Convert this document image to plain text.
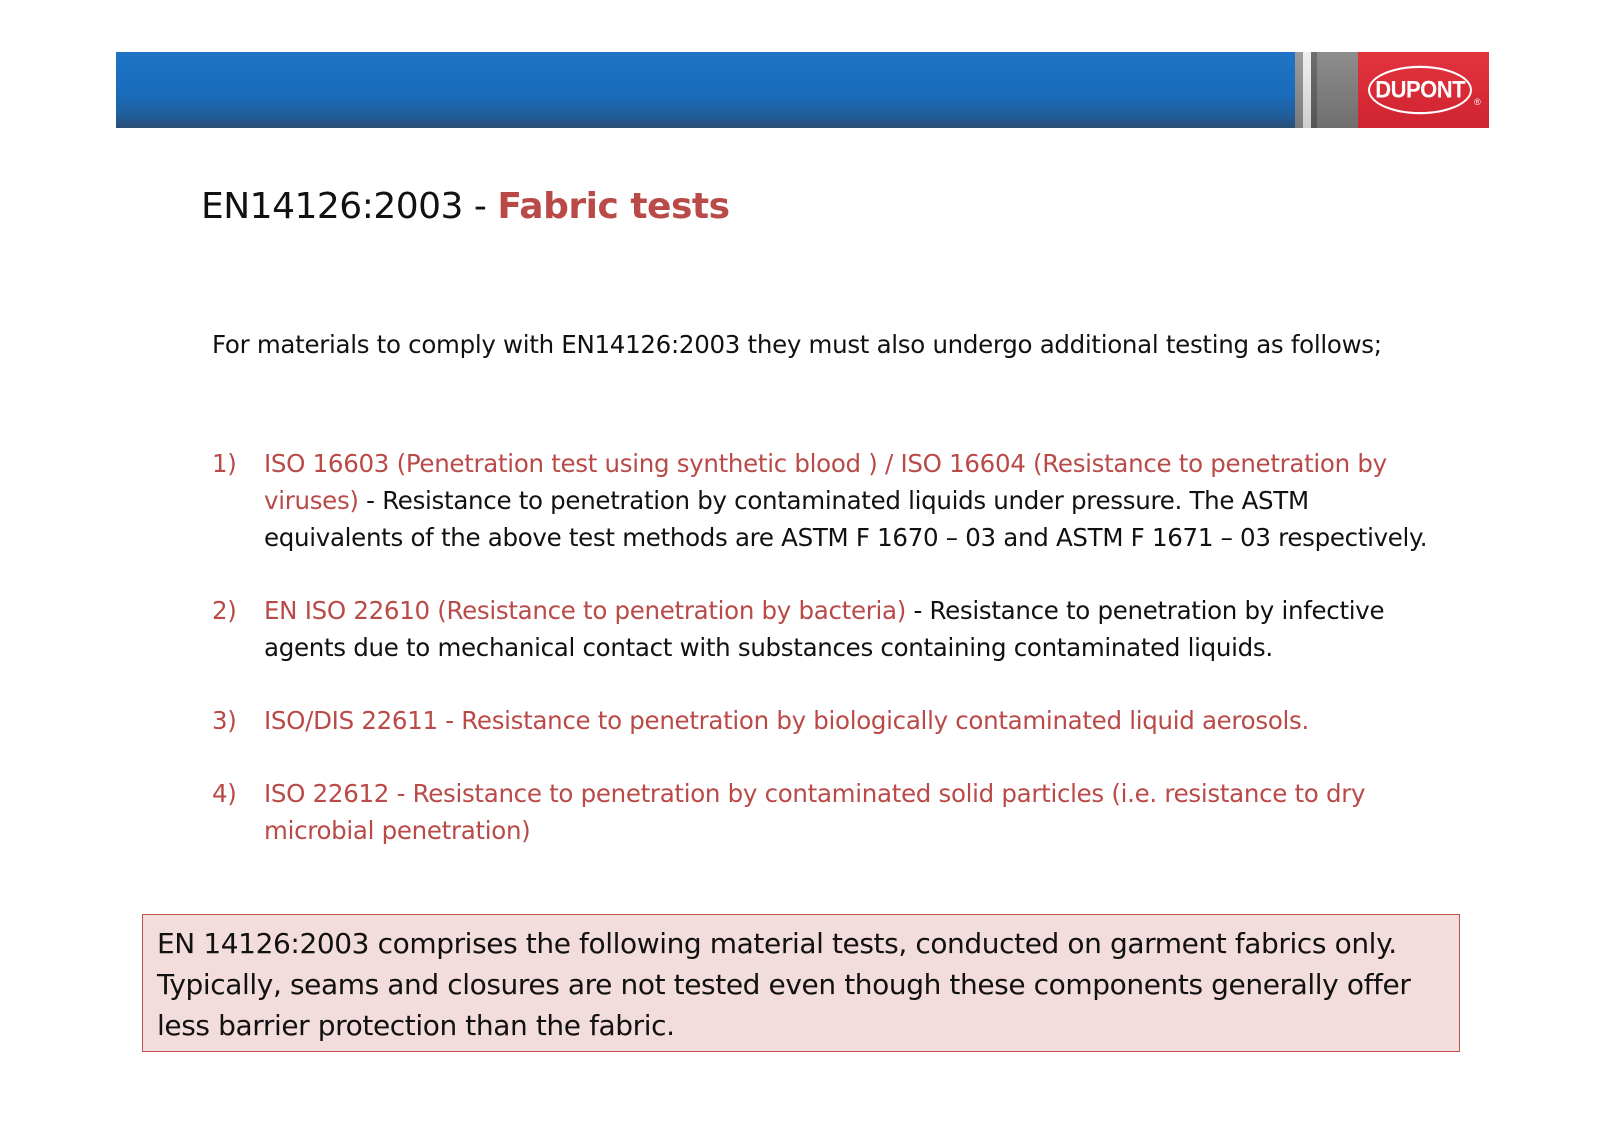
DUPONT ®
EN14126:2003 - Fabric tests
For materials to comply with EN14126:2003 they must also undergo additional testing as follows;
1) ISO 16603 (Penetration test using synthetic blood ) / ISO 16604 (Resistance to penetration by viruses) - Resistance to penetration by contaminated liquids under pressure. The ASTM equivalents of the above test methods are ASTM F 1670 – 03 and ASTM F 1671 – 03 respectively.
2) EN ISO 22610 (Resistance to penetration by bacteria) - Resistance to penetration by infective agents due to mechanical contact with substances containing contaminated liquids.
3) ISO/DIS 22611 - Resistance to penetration by biologically contaminated liquid aerosols.
4) ISO 22612 - Resistance to penetration by contaminated solid particles (i.e. resistance to dry microbial penetration)
EN 14126:2003 comprises the following material tests, conducted on garment fabrics only. Typically, seams and closures are not tested even though these components generally offer less barrier protection than the fabric.
